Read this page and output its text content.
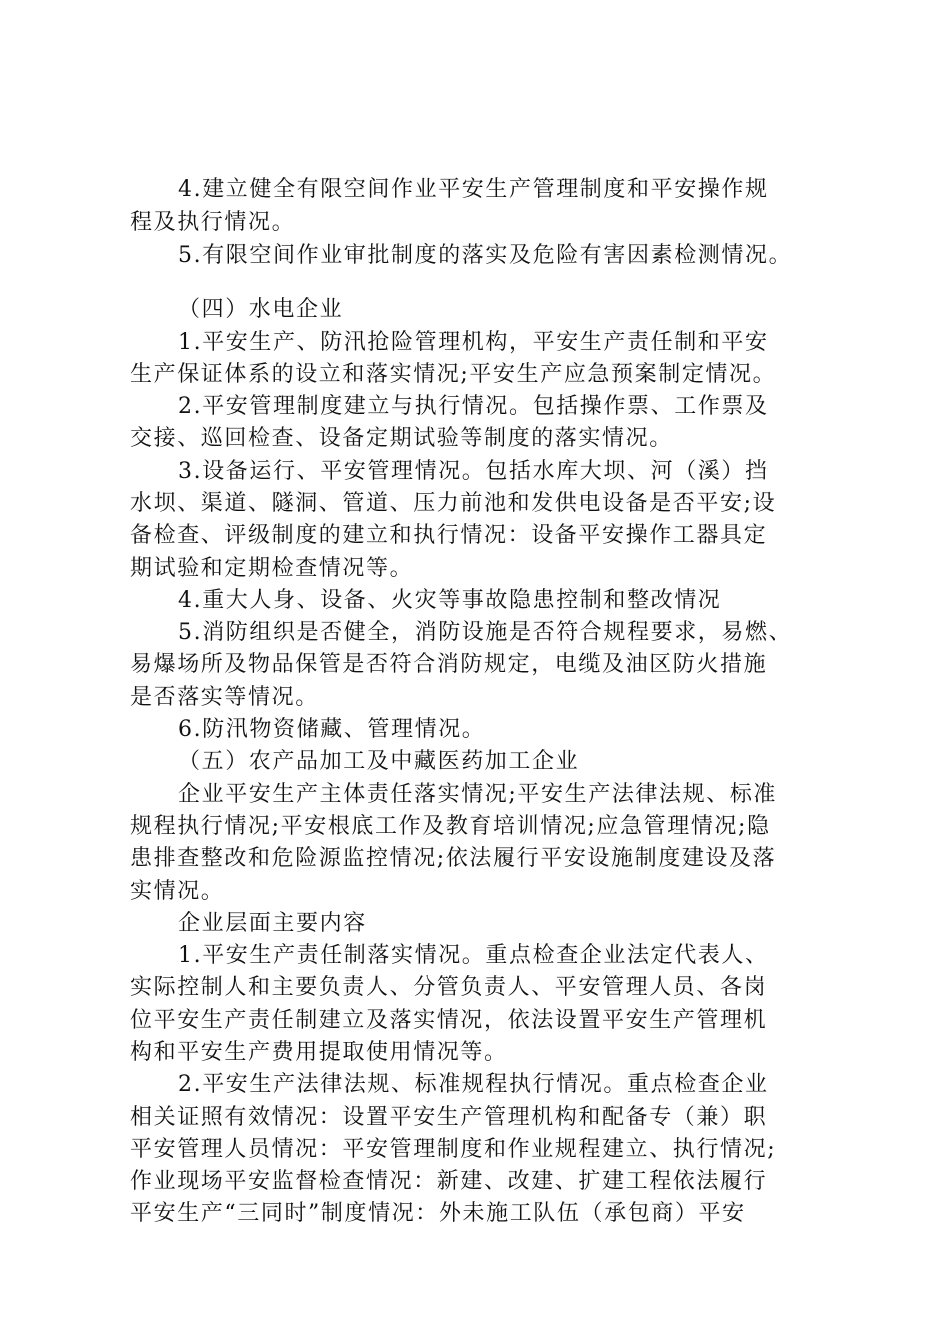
4.建立健全有限空间作业平安生产管理制度和平安操作规
程及执行情况。
5.有限空间作业审批制度的落实及危险有害因素检测情况。
（四）水电企业
1.平安生产、防汛抢险管理机构，平安生产责任制和平安
生产保证体系的设立和落实情况;平安生产应急预案制定情况。
2.平安管理制度建立与执行情况。包括操作票、工作票及
交接、巡回检查、设备定期试验等制度的落实情况。
3.设备运行、平安管理情况。包括水库大坝、河（溪）挡
水坝、渠道、隧洞、管道、压力前池和发供电设备是否平安;设
备检查、评级制度的建立和执行情况：设备平安操作工器具定
期试验和定期检查情况等。
4.重大人身、设备、火灾等事故隐患控制和整改情况
5.消防组织是否健全，消防设施是否符合规程要求，易燃、
易爆场所及物品保管是否符合消防规定，电缆及油区防火措施
是否落实等情况。
6.防汛物资储藏、管理情况。
（五）农产品加工及中藏医药加工企业
企业平安生产主体责任落实情况;平安生产法律法规、标准
规程执行情况;平安根底工作及教育培训情况;应急管理情况;隐
患排查整改和危险源监控情况;依法履行平安设施制度建设及落
实情况。
企业层面主要内容
1.平安生产责任制落实情况。重点检查企业法定代表人、
实际控制人和主要负责人、分管负责人、平安管理人员、各岗
位平安生产责任制建立及落实情况，依法设置平安生产管理机
构和平安生产费用提取使用情况等。
2.平安生产法律法规、标准规程执行情况。重点检查企业
相关证照有效情况：设置平安生产管理机构和配备专（兼）职
平安管理人员情况：平安管理制度和作业规程建立、执行情况;
作业现场平安监督检查情况：新建、改建、扩建工程依法履行
平安生产“三同时”制度情况：外未施工队伍（承包商）平安
